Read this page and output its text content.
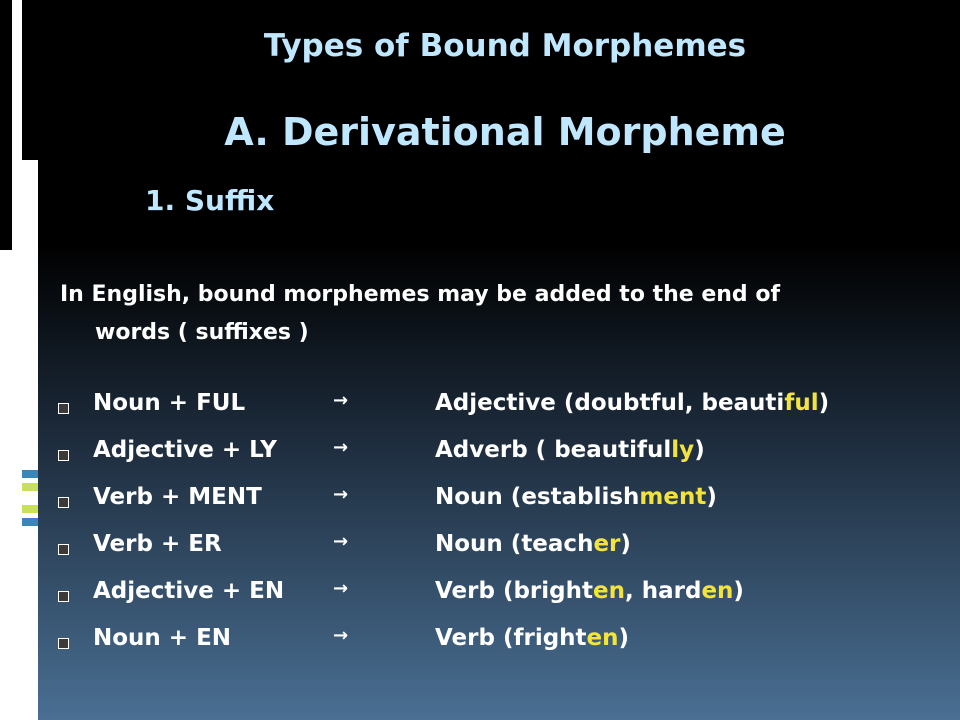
Types of Bound Morphemes
A. Derivational Morpheme
1. Suffix
In English, bound morphemes may be added to the end of
words ( suffixes )
Noun + FUL	→	Adjective (doubtful, beautiful)
Adjective + LY	→	Adverb ( beautifully)
Verb + MENT	→	Noun (establishment)
Verb + ER	→	Noun (teacher)
Adjective + EN	→	Verb (brighten, harden)
Noun + EN	→	Verb (frighten)
